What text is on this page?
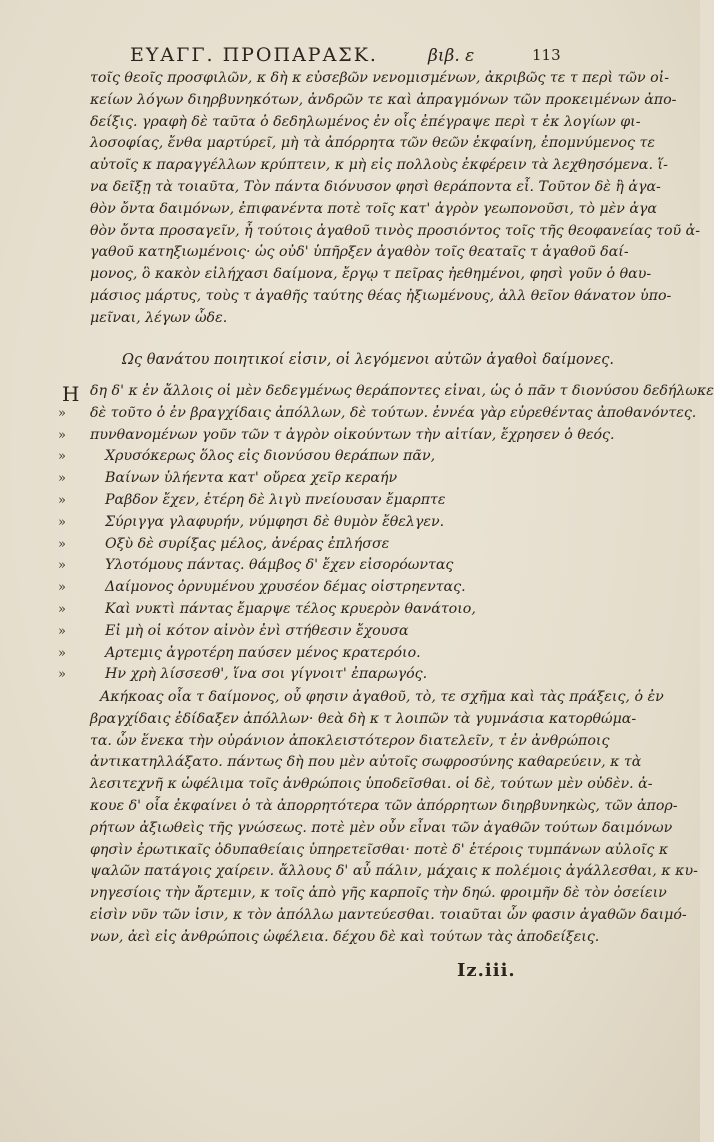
ΕΥΑΓΓ. ΠΡΟΠΑΡΑΣΚ.	βιβ. ε	113
τοῖς θεοῖς προσφιλῶν, κ δὴ κ εὐσεβῶν νενομισμένων, ἀκριβῶς τε τ περὶ τῶν οἰ-
κείων λόγων διηρβυνηκότων, ἀνδρῶν τε καὶ ἀπραγμόνων τῶν προκειμένων ἀπο-
δείξις. γραφὴ δὲ ταῦτα ὁ δεδηλωμένος ἐν οἷς ἐπέγραψε περὶ τ ἐκ λογίων φι-
λοσοφίας, ἔνθα μαρτύρεῖ, μὴ τὰ ἀπόρρητα τῶν θεῶν ἐκφαίνη, ἐπομνύμενος τε
αὐτοῖς κ παραγγέλλων κρύπτειν, κ μὴ εἰς πολλοὺς ἐκφέρειν τὰ λεχθησόμενα. ἵ-
να δεῖξῃ τὰ τοιαῦτα, Τὸν πάντα διόνυσον φησὶ θεράποντα εἶ. Τοῦτον δὲ ἢ ἀγα-
θὸν ὄντα δαιμόνων, ἐπιφανέντα ποτὲ τοῖς κατ' ἀγρὸν γεωπονοῦσι, τὸ μὲν ἀγα
θὸν ὄντα προσαγεῖν, ἦ τούτοις ἀγαθοῦ τινὸς προσιόντος τοῖς τῆς θεοφανείας τοῦ ἀ-
γαθοῦ κατηξιωμένοις· ὡς οὐδ' ὑπῆρξεν ἀγαθὸν τοῖς θεαταῖς τ ἀγαθοῦ δαί-
μονος, ὃ κακὸν εἰλήχασι δαίμονα, ἔργῳ τ πεῖρας ἠεθημένοι, φησὶ γοῦν ὁ θαυ-
μάσιος μάρτυς, τοὺς τ ἀγαθῆς ταύτης θέας ἠξιωμένους, ἀλλ θεῖον θάνατον ὑπο-
μεῖναι, λέγων ὧδε.
Ως θανάτου ποιητικοί εἰσιν, οἱ λεγόμενοι αὐτῶν ἀγαθοὶ δαίμονες.
Η δη δ' κ ἐν ἄλλοις οἱ μὲν δεδεγμένως θεράποντες εἰναι, ὡς ὁ πᾶν τ διονύσου δεδήλωκε
» δὲ τοῦτο ὁ ἐν βραγχίδαις ἀπόλλων, δὲ τούτων. ἐννέα γὰρ εὑρεθέντας ἀποθανόντες.
» πυνθανομένων γοῦν τῶν τ ἀγρὸν οἰκούντων τὴν αἰτίαν, ἔχρησεν ὁ θεός.
»	Χρυσόκερως ὅλος εἰς διονύσου θεράπων πᾶν,
»	Βαίνων ὑλήεντα κατ' οὔρεα χεῖρ κεραήν
»	Ραβδον ἔχεν, ἑτέρη δὲ λιγὺ πνείουσαν ἔμαρπτε
»	Σύριγγα γλαφυρήν, νύμφησι δὲ θυμὸν ἔθελγεν.
»	Οξὺ δὲ συρίξας μέλος, ἀνέρας ἐπλήσσε
»	Υλοτόμους πάντας. θάμβος δ' ἔχεν εἰσορόωντας
»	Δαίμονος ὀρνυμένου χρυσέον δέμας οἰστρηεντας.
»	Καὶ νυκτὶ πάντας ἔμαρψε τέλος κρυερὸν θανάτοιο,
»	Εἰ μὴ οἱ κότον αἰνὸν ἐνὶ στήθεσιν ἔχουσα
»	Αρτεμις ἀγροτέρη παύσεν μένος κρατερόιο.
»	Ην χρὴ λίσσεσθ', ἵνα σοι γίγνοιτ' ἐπαρωγός.
Ακήκοας οἷα τ δαίμονος, οὗ φησιν ἀγαθοῦ, τὸ, τε σχῆμα καὶ τὰς πράξεις, ὁ ἐν
βραγχίδαις ἐδίδαξεν ἀπόλλων· θεὰ δὴ κ τ λοιπῶν τὰ γυμνάσια κατορθώμα-
τα. ὧν ἕνεκα τὴν οὐράνιον ἀποκλειστότερον διατελεῖν, τ ἐν ἀνθρώποις
ἀντικατηλλάξατο. πάντως δὴ που μὲν αὐτοῖς σωφροσύνης καθαρεύειν, κ τὰ
λεσιτεχνῆ κ ὠφέλιμα τοῖς ἀνθρώποις ὑποδεῖσθαι. οἱ δὲ, τούτων μὲν οὐδὲν. ἀ-
κουε δ' οἷα ἐκφαίνει ὁ τὰ ἀπορρητότερα τῶν ἀπόρρητων διηρβυνηκὼς, τῶν ἀπορ-
ρήτων ἀξιωθεὶς τῆς γνώσεως. ποτὲ μὲν οὖν εἶναι τῶν ἀγαθῶν τούτων δαιμόνων
φησὶν ἐρωτικαῖς ὀδυπαθείαις ὑπηρετεῖσθαι· ποτὲ δ' ἑτέροις τυμπάνων αὐλοῖς κ
ψαλῶν πατάγοις χαίρειν. ἄλλους δ' αὖ πάλιν, μάχαις κ πολέμοις ἀγάλλεσθαι, κ κυ-
νηγεσίοις τὴν ἄρτεμιν, κ τοῖς ἀπὸ γῆς καρποῖς τὴν δηώ. φροιμῆν δὲ τὸν ὀσείειν
εἰσὶν νῦν τῶν ἰσιν, κ τὸν ἀπόλλω μαντεύεσθαι. τοιαῦται ὧν φασιν ἀγαθῶν δαιμό-
νων, ἀεὶ εἰς ἀνθρώποις ὠφέλεια. δέχου δὲ καὶ τούτων τὰς ἀποδείξεις.
Iz.iii.
